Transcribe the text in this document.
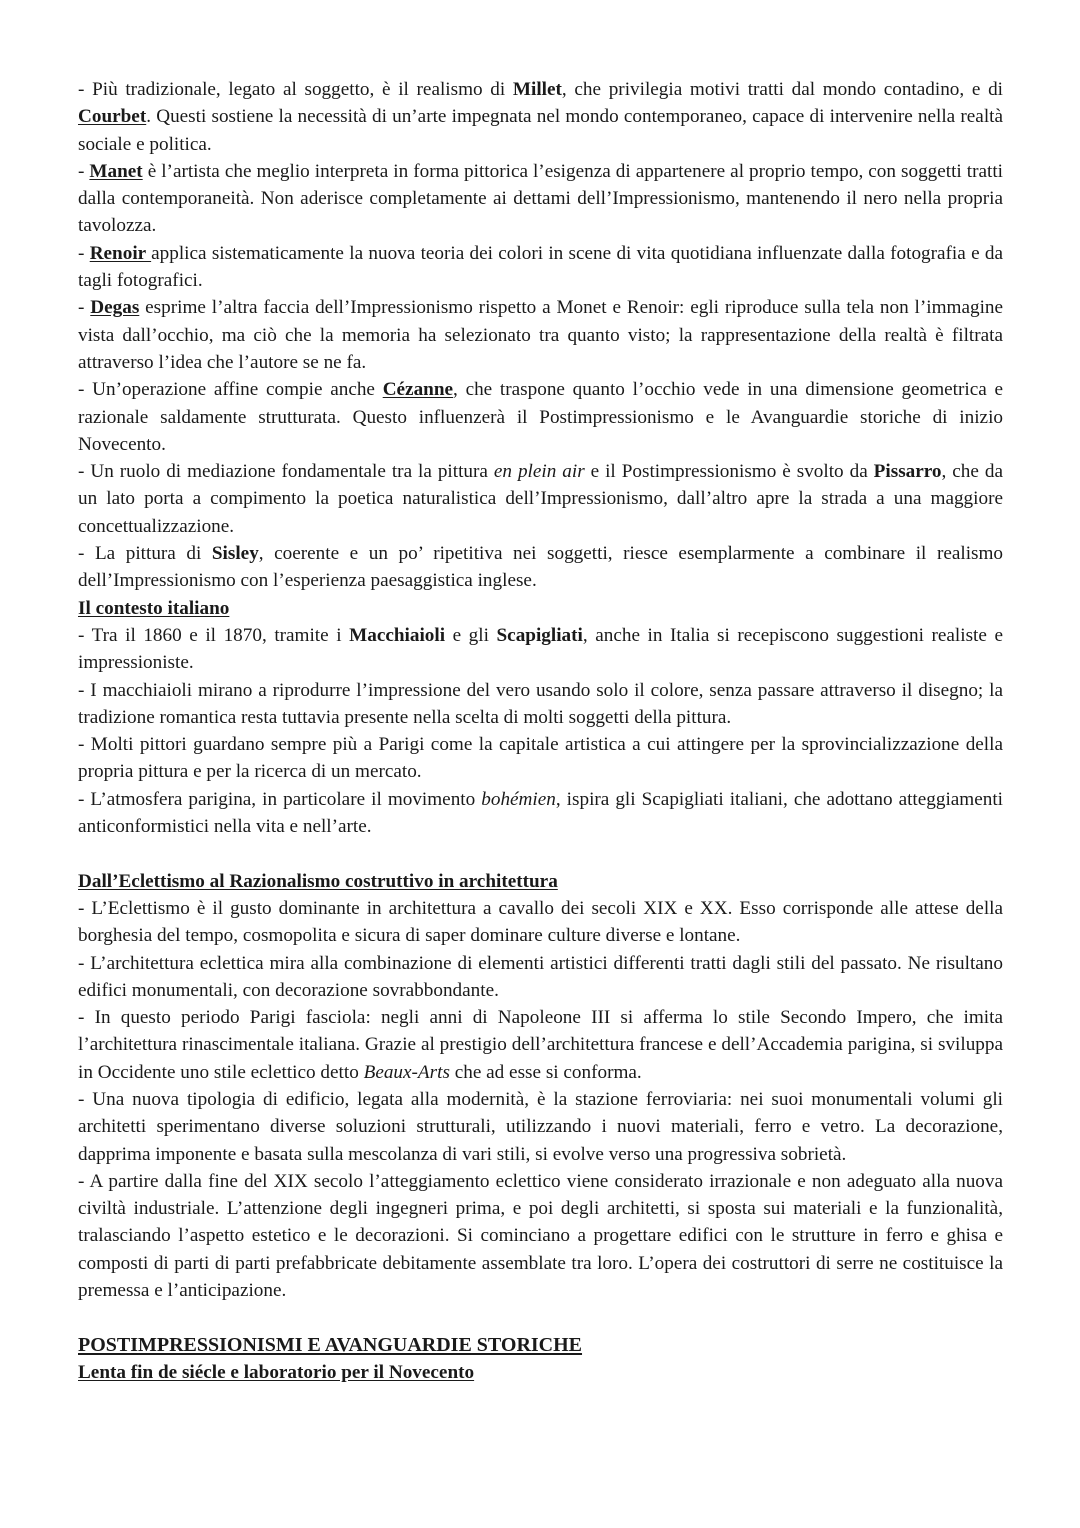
- Più tradizionale, legato al soggetto, è il realismo di Millet, che privilegia motivi tratti dal mondo contadino, e di Courbet. Questi sostiene la necessità di un’arte impegnata nel mondo contemporaneo, capace di intervenire nella realtà sociale e politica.

- Manet è l’artista che meglio interpreta in forma pittorica l’esigenza di appartenere al proprio tempo, con soggetti tratti dalla contemporaneità. Non aderisce completamente ai dettami dell’Impressionismo, mantenendo il nero nella propria tavolozza.

- Renoir applica sistematicamente la nuova teoria dei colori in scene di vita quotidiana influenzate dalla fotografia e da tagli fotografici.

- Degas esprime l’altra faccia dell’Impressionismo rispetto a Monet e Renoir: egli riproduce sulla tela non l’immagine vista dall’occhio, ma ciò che la memoria ha selezionato tra quanto visto; la rappresentazione della realtà è filtrata attraverso l’idea che l’autore se ne fa.

- Un’operazione affine compie anche Cézanne, che traspone quanto l’occhio vede in una dimensione geometrica e razionale saldamente strutturata. Questo influenzerà il Postimpressionismo e le Avanguardie storiche di inizio Novecento.

- Un ruolo di mediazione fondamentale tra la pittura en plein air e il Postimpressionismo è svolto da Pissarro, che da un lato porta a compimento la poetica naturalistica dell’Impressionismo, dall’altro apre la strada a una maggiore concettualizzazione.

- La pittura di Sisley, coerente e un po’ ripetitiva nei soggetti, riesce esemplarmente a combinare il realismo dell’Impressionismo con l’esperienza paesaggistica inglese.

Il contesto italiano

- Tra il 1860 e il 1870, tramite i Macchiaioli e gli Scapigliati, anche in Italia si recepiscono suggestioni realiste e impressioniste.

- I macchiaioli mirano a riprodurre l’impressione del vero usando solo il colore, senza passare attraverso il disegno; la tradizione romantica resta tuttavia presente nella scelta di molti soggetti della pittura.

- Molti pittori guardano sempre più a Parigi come la capitale artistica a cui attingere per la sprovincializzazione della propria pittura e per la ricerca di un mercato.

- L’atmosfera parigina, in particolare il movimento bohémien, ispira gli Scapigliati italiani, che adottano atteggiamenti anticonformistici nella vita e nell’arte.

Dall’Eclettismo al Razionalismo costruttivo in architettura

- L’Eclettismo è il gusto dominante in architettura a cavallo dei secoli XIX e XX. Esso corrisponde alle attese della borghesia del tempo, cosmopolita e sicura di saper dominare culture diverse e lontane.

- L’architettura eclettica mira alla combinazione di elementi artistici differenti tratti dagli stili del passato. Ne risultano edifici monumentali, con decorazione sovrabbondante.

- In questo periodo Parigi fasciola: negli anni di Napoleone III si afferma lo stile Secondo Impero, che imita l’architettura rinascimentale italiana. Grazie al prestigio dell’architettura francese e dell’Accademia parigina, si sviluppa in Occidente uno stile eclettico detto Beaux-Arts che ad esse si conforma.

- Una nuova tipologia di edificio, legata alla modernità, è la stazione ferroviaria: nei suoi monumentali volumi gli architetti sperimentano diverse soluzioni strutturali, utilizzando i nuovi materiali, ferro e vetro. La decorazione, dapprima imponente e basata sulla mescolanza di vari stili, si evolve verso una progressiva sobrietà.

- A partire dalla fine del XIX secolo l’atteggiamento eclettico viene considerato irrazionale e non adeguato alla nuova civiltà industriale. L’attenzione degli ingegneri prima, e poi degli architetti, si sposta sui materiali e la funzionalità, tralasciando l’aspetto estetico e le decorazioni. Si cominciano a progettare edifici con le strutture in ferro e ghisa e composti di parti di parti prefabbricate debitamente assemblate tra loro. L’opera dei costruttori di serre ne costituisce la premessa e l’anticipazione.

POSTIMPRESSIONISMI E AVANGUARDIE STORICHE

Lenta fin de siécle e laboratorio per il Novecento
